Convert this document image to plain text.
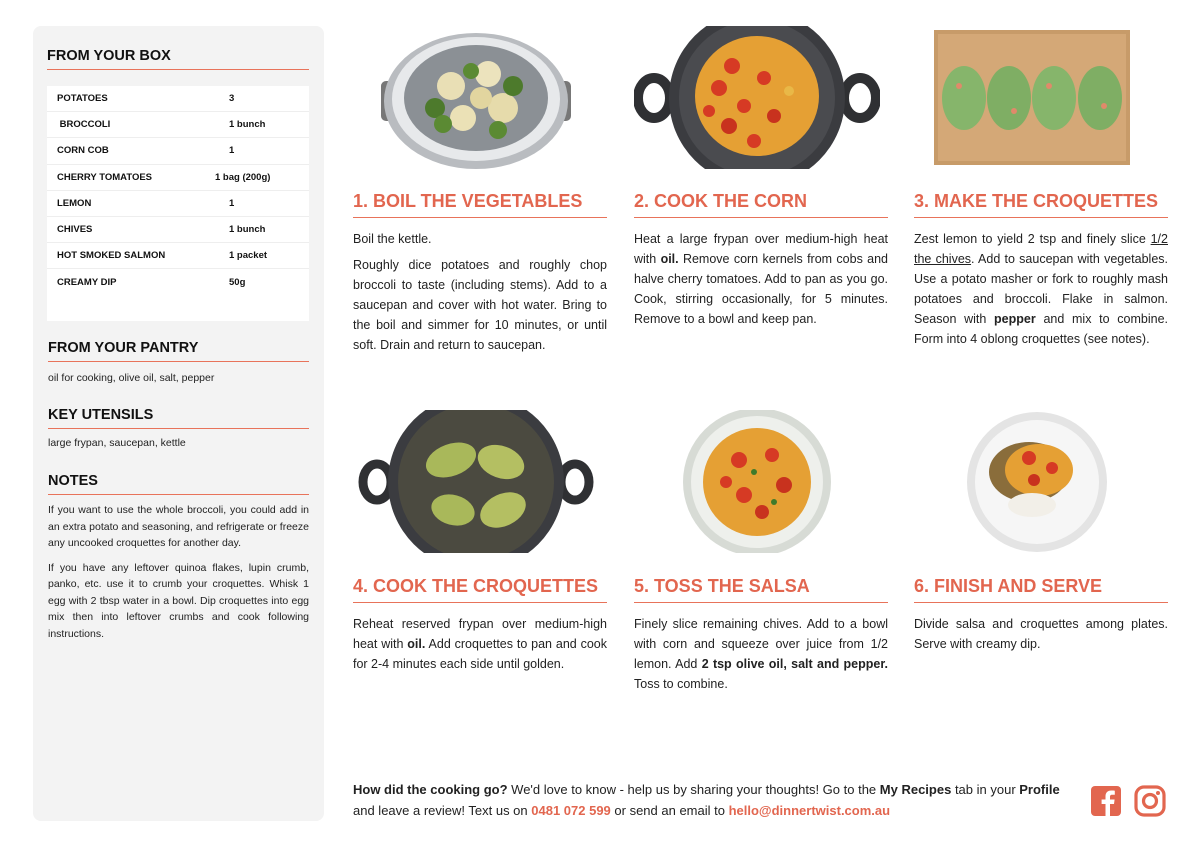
FROM YOUR BOX
POTATOES	3
BROCCOLI	1 bunch
CORN COB	1
CHERRY TOMATOES	1 bag (200g)
LEMON	1
CHIVES	1 bunch
HOT SMOKED SALMON	1 packet
CREAMY DIP	50g
FROM YOUR PANTRY
oil for cooking, olive oil, salt, pepper
KEY UTENSILS
large frypan, saucepan, kettle
NOTES

If you want to use the whole broccoli, you could add in an extra potato and seasoning, and refrigerate or freeze any uncooked croquettes for another day.

If you have any leftover quinoa flakes, lupin crumb, panko, etc. use it to crumb your croquettes. Whisk 1 egg with 2 tbsp water in a bowl. Dip croquettes into egg mix then into leftover crumbs and cook following instructions.

1. BOIL THE VEGETABLES

Boil the kettle.

Roughly dice potatoes and roughly chop broccoli to taste (including stems). Add to a saucepan and cover with hot water. Bring to the boil and simmer for 10 minutes, or until soft. Drain and return to saucepan.

2. COOK THE CORN

Heat a large frypan over medium-high heat with oil. Remove corn kernels from cobs and halve cherry tomatoes. Add to pan as you go. Cook, stirring occasionally, for 5 minutes. Remove to a bowl and keep pan.

3. MAKE THE CROQUETTES

Zest lemon to yield 2 tsp and finely slice 1/2 the chives. Add to saucepan with vegetables. Use a potato masher or fork to roughly mash potatoes and broccoli. Flake in salmon. Season with pepper and mix to combine. Form into 4 oblong croquettes (see notes).

4. COOK THE CROQUETTES

Reheat reserved frypan over medium-high heat with oil. Add croquettes to pan and cook for 2-4 minutes each side until golden.

5. TOSS THE SALSA

Finely slice remaining chives. Add to a bowl with corn and squeeze over juice from 1/2 lemon. Add 2 tsp olive oil, salt and pepper. Toss to combine.

6. FINISH AND SERVE

Divide salsa and croquettes among plates. Serve with creamy dip.

How did the cooking go? We'd love to know - help us by sharing your thoughts! Go to the My Recipes tab in your Profile and leave a review! Text us on 0481 072 599 or send an email to hello@dinnertwist.com.au
